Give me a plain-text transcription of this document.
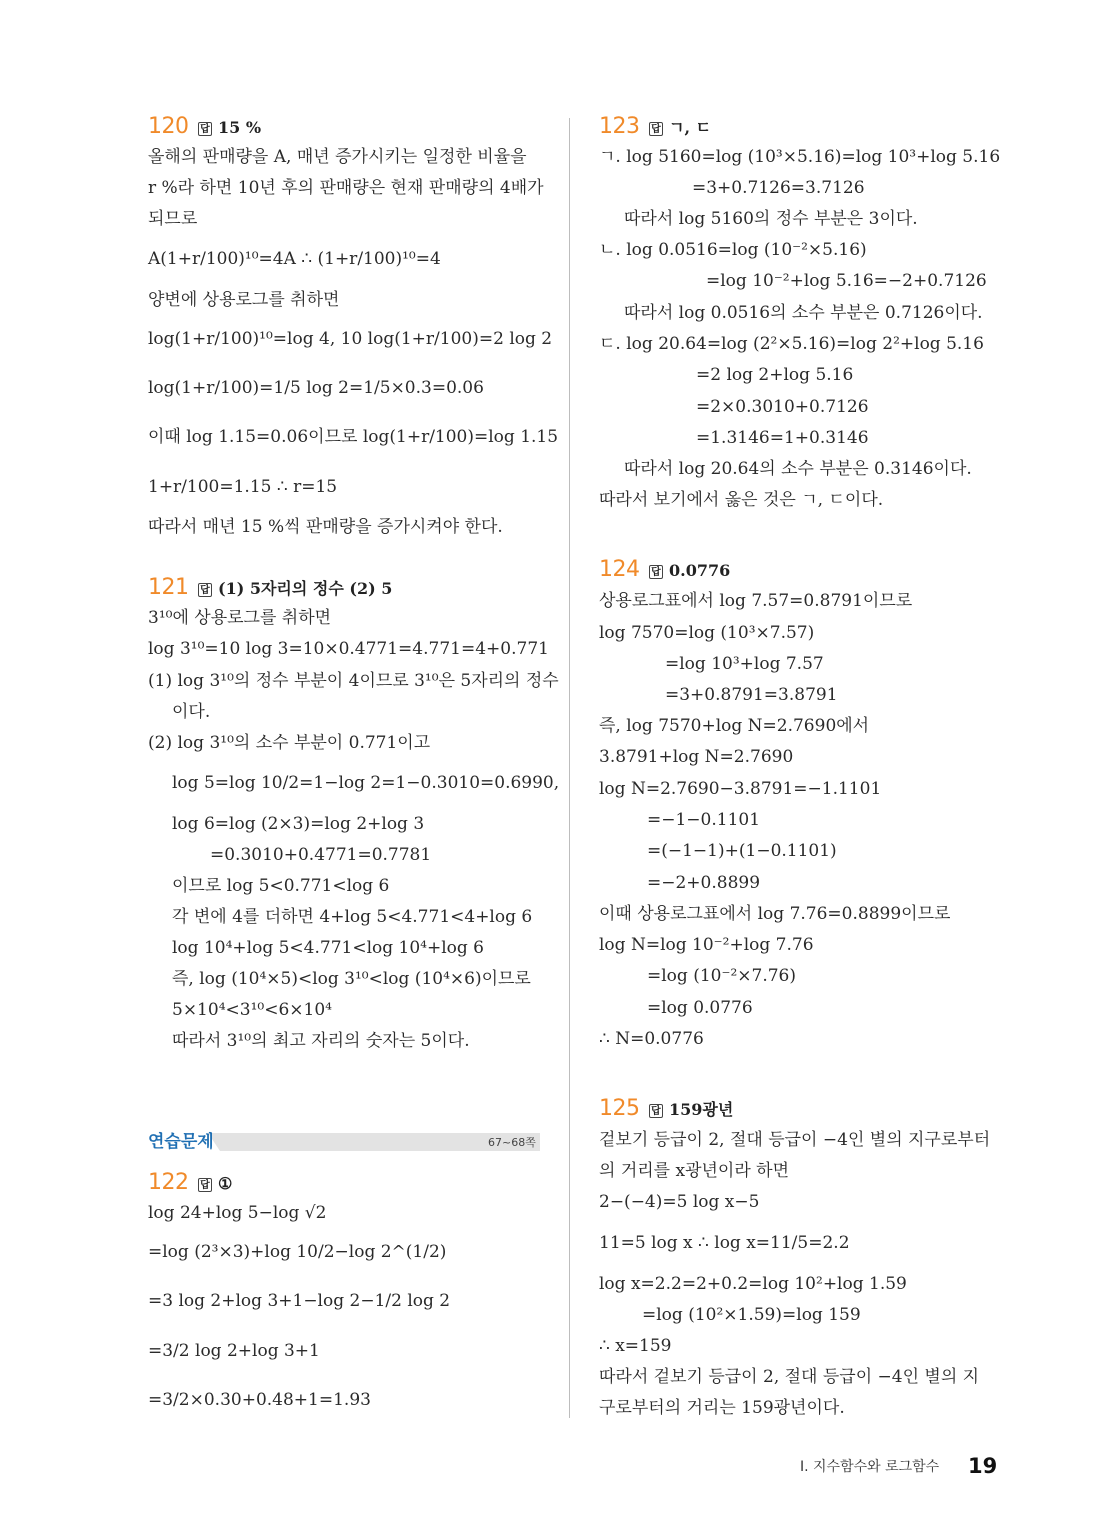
120 답 15 %
올해의 판매량을 A, 매년 증가시키는 일정한 비율을
r %라 하면 10년 후의 판매량은 현재 판매량의 4배가
되므로
A(1+r/100)¹⁰=4A ∴ (1+r/100)¹⁰=4
양변에 상용로그를 취하면
log(1+r/100)¹⁰=log 4, 10 log(1+r/100)=2 log 2
log(1+r/100)=1/5 log 2=1/5×0.3=0.06
이때 log 1.15=0.06이므로 log(1+r/100)=log 1.15
1+r/100=1.15 ∴ r=15
따라서 매년 15 %씩 판매량을 증가시켜야 한다.
121 답 (1) 5자리의 정수 (2) 5
3¹⁰에 상용로그를 취하면
log 3¹⁰=10 log 3=10×0.4771=4.771=4+0.771
(1) log 3¹⁰의 정수 부분이 4이므로 3¹⁰은 5자리의 정수
이다.
(2) log 3¹⁰의 소수 부분이 0.771이고
log 5=log 10/2=1−log 2=1−0.3010=0.6990,
log 6=log (2×3)=log 2+log 3
=0.3010+0.4771=0.7781
이므로 log 5<0.771<log 6
각 변에 4를 더하면 4+log 5<4.771<4+log 6
log 10⁴+log 5<4.771<log 10⁴+log 6
즉, log (10⁴×5)<log 3¹⁰<log (10⁴×6)이므로
5×10⁴<3¹⁰<6×10⁴
따라서 3¹⁰의 최고 자리의 숫자는 5이다.
연습문제	67~68쪽
122 답 ①
log 24+log 5−log √2
=log (2³×3)+log 10/2−log 2^(1/2)
=3 log 2+log 3+1−log 2−1/2 log 2
=3/2 log 2+log 3+1
=3/2×0.30+0.48+1=1.93
123 답 ㄱ, ㄷ
ㄱ. log 5160=log (10³×5.16)=log 10³+log 5.16
=3+0.7126=3.7126
따라서 log 5160의 정수 부분은 3이다.
ㄴ. log 0.0516=log (10⁻²×5.16)
=log 10⁻²+log 5.16=−2+0.7126
따라서 log 0.0516의 소수 부분은 0.7126이다.
ㄷ. log 20.64=log (2²×5.16)=log 2²+log 5.16
=2 log 2+log 5.16
=2×0.3010+0.7126
=1.3146=1+0.3146
따라서 log 20.64의 소수 부분은 0.3146이다.
따라서 보기에서 옳은 것은 ㄱ, ㄷ이다.
124 답 0.0776
상용로그표에서 log 7.57=0.8791이므로
log 7570=log (10³×7.57)
=log 10³+log 7.57
=3+0.8791=3.8791
즉, log 7570+log N=2.7690에서
3.8791+log N=2.7690
log N=2.7690−3.8791=−1.1101
=−1−0.1101
=(−1−1)+(1−0.1101)
=−2+0.8899
이때 상용로그표에서 log 7.76=0.8899이므로
log N=log 10⁻²+log 7.76
=log (10⁻²×7.76)
=log 0.0776
∴ N=0.0776
125 답 159광년
겉보기 등급이 2, 절대 등급이 −4인 별의 지구로부터
의 거리를 x광년이라 하면
2−(−4)=5 log x−5
11=5 log x ∴ log x=11/5=2.2
log x=2.2=2+0.2=log 10²+log 1.59
=log (10²×1.59)=log 159
∴ x=159
따라서 겉보기 등급이 2, 절대 등급이 −4인 별의 지
구로부터의 거리는 159광년이다.
I. 지수함수와 로그함수 19
